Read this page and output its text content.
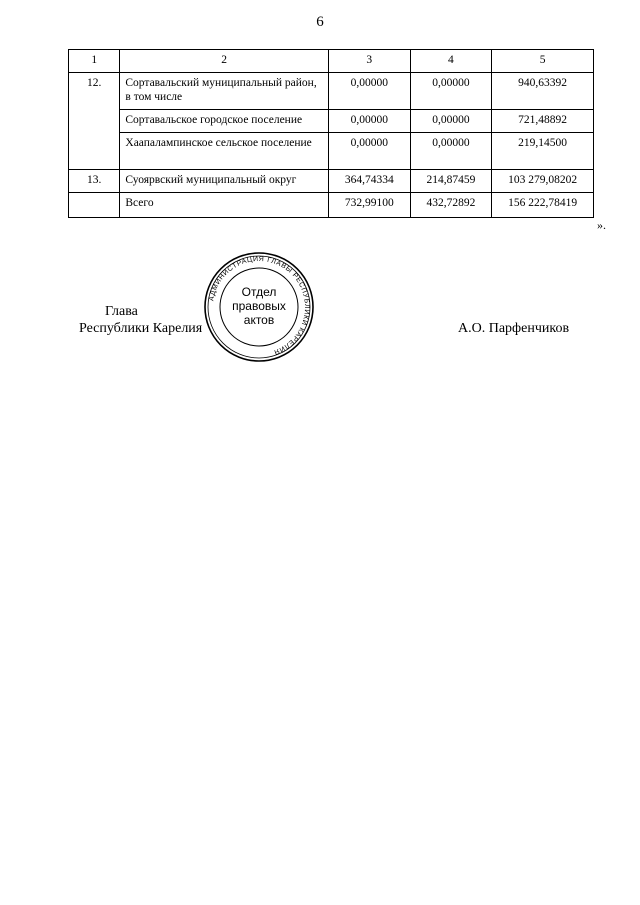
6
1	2	3	4	5
12.	Сортавальский муниципальный район, в том числе	0,00000	0,00000	940,63392
	Сортавальское городское поселение	0,00000	0,00000	721,48892
	Хаапалампинское сельское поселение	0,00000	0,00000	219,14500
13.	Суоярвский муниципальный округ	364,74334	214,87459	103 279,08202
	Всего	732,99100	432,72892	156 222,78419
».
Глава
Республики Карелия	А.О. Парфенчиков
АДМИНИСТРАЦИЯ ГЛАВЫ РЕСПУБЛИКИ КАРЕЛИЯ
Отдел
правовых
актов
